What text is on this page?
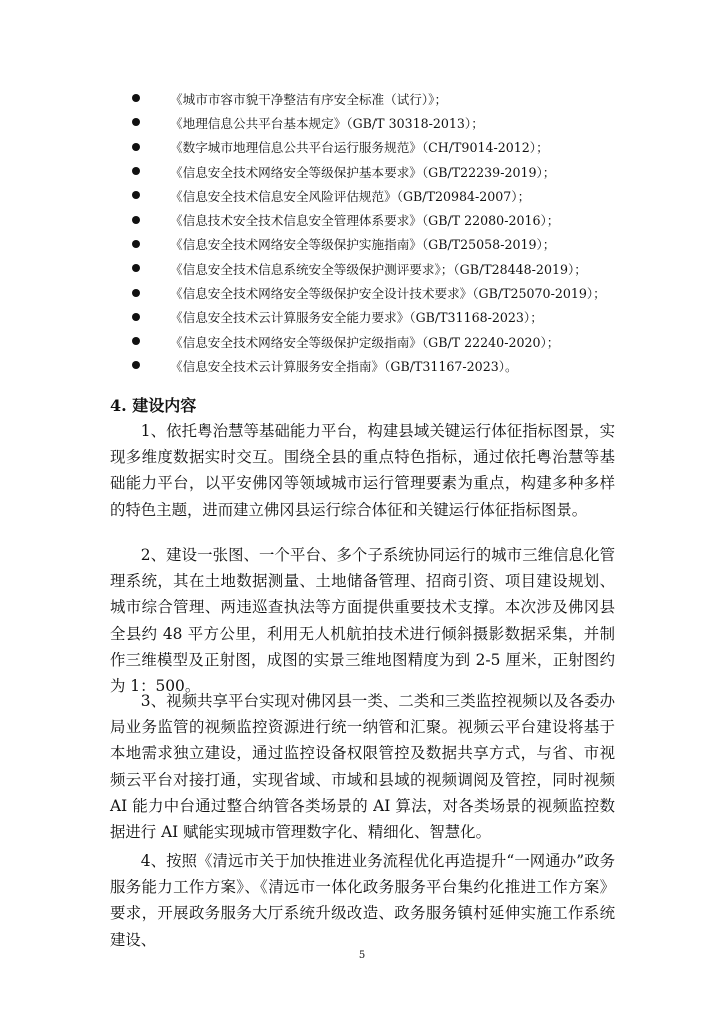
《城市市容市貌干净整洁有序安全标准（试行）》；
《地理信息公共平台基本规定》（GB/T 30318-2013）；
《数字城市地理信息公共平台运行服务规范》（CH/T9014-2012）；
《信息安全技术网络安全等级保护基本要求》（GB/T22239-2019）；
《信息安全技术信息安全风险评估规范》（GB/T20984-2007）；
《信息技术安全技术信息安全管理体系要求》（GB/T 22080-2016）；
《信息安全技术网络安全等级保护实施指南》（GB/T25058-2019）；
《信息安全技术信息系统安全等级保护测评要求》；（GB/T28448-2019）；
《信息安全技术网络安全等级保护安全设计技术要求》（GB/T25070-2019）；
《信息安全技术云计算服务安全能力要求》（GB/T31168-2023）；
《信息安全技术网络安全等级保护定级指南》（GB/T 22240-2020）；
《信息安全技术云计算服务安全指南》（GB/T31167-2023）。
4. 建设内容

1、依托粤治慧等基础能力平台，构建县域关键运行体征指标图景，实现多维度数据实时交互。围绕全县的重点特色指标，通过依托粤治慧等基础能力平台，以平安佛冈等领域城市运行管理要素为重点，构建多种多样的特色主题，进而建立佛冈县运行综合体征和关键运行体征指标图景。

2、建设一张图、一个平台、多个子系统协同运行的城市三维信息化管理系统，其在土地数据测量、土地储备管理、招商引资、项目建设规划、城市综合管理、两违巡查执法等方面提供重要技术支撑。本次涉及佛冈县全县约 48 平方公里，利用无人机航拍技术进行倾斜摄影数据采集，并制作三维模型及正射图，成图的实景三维地图精度为到 2-5 厘米，正射图约为 1：500。

3、视频共享平台实现对佛冈县一类、二类和三类监控视频以及各委办局业务监管的视频监控资源进行统一纳管和汇聚。视频云平台建设将基于本地需求独立建设，通过监控设备权限管控及数据共享方式，与省、市视频云平台对接打通，实现省域、市域和县域的视频调阅及管控，同时视频 AI 能力中台通过整合纳管各类场景的 AI 算法，对各类场景的视频监控数据进行 AI 赋能实现城市管理数字化、精细化、智慧化。

4、按照《清远市关于加快推进业务流程优化再造提升“一网通办”政务服务能力工作方案》、《清远市一体化政务服务平台集约化推进工作方案》要求，开展政务服务大厅系统升级改造、政务服务镇村延伸实施工作系统建设、

5
